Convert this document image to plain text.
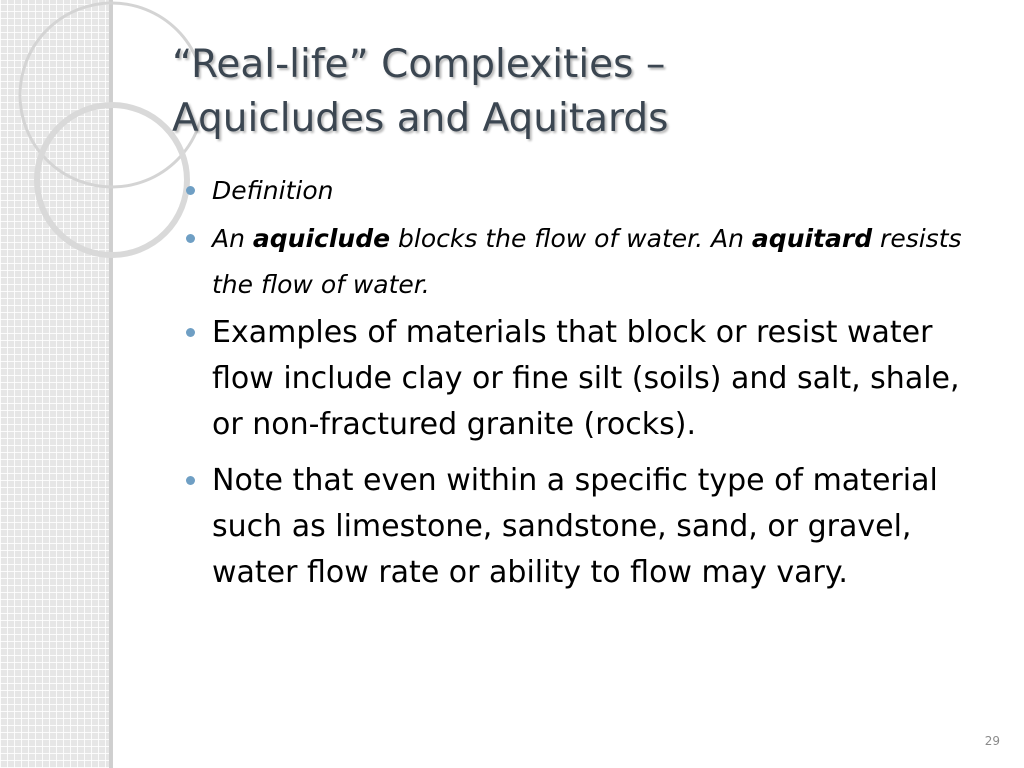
“Real-life” Complexities –
Aquicludes and Aquitards
Definition
An aquiclude blocks the flow of water. An aquitard resists the flow of water.
Examples of materials that block or resist water flow include clay or fine silt (soils) and salt, shale, or non-fractured granite (rocks).
Note that even within a specific type of material such as limestone, sandstone, sand, or gravel, water flow rate or ability to flow may vary.
29
